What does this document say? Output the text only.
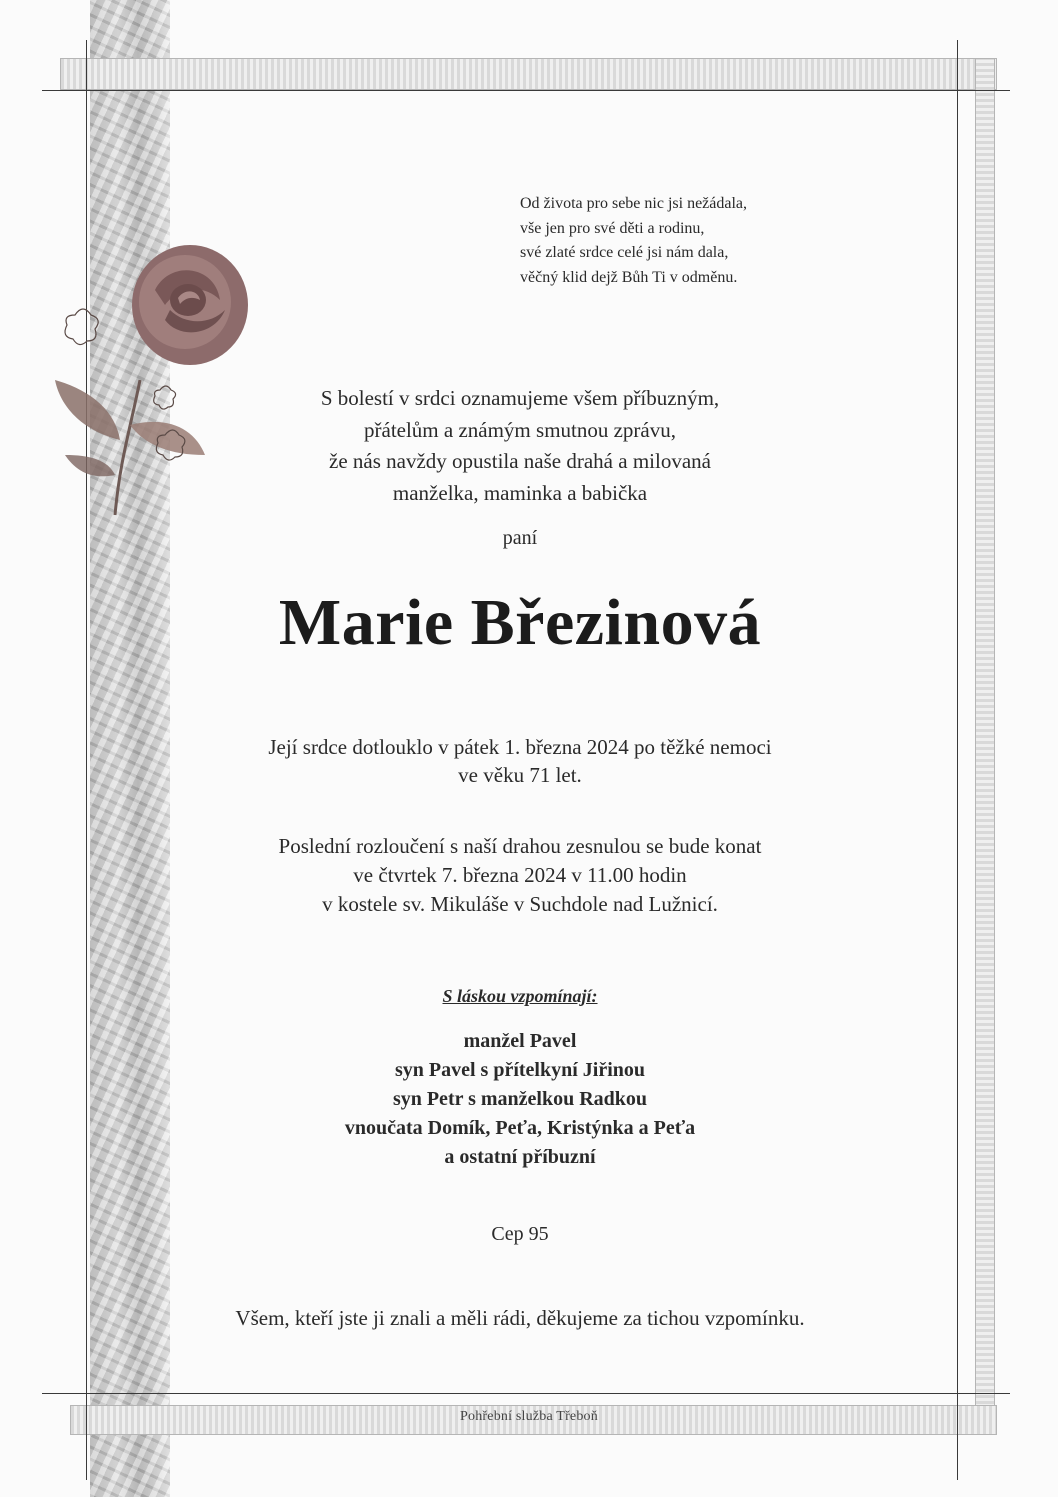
Pohřební služba Třeboň
Od života pro sebe nic jsi nežádala,
vše jen pro své děti a rodinu,
své zlaté srdce celé jsi nám dala,
věčný klid dejž Bůh Ti v odměnu.
S bolestí v srdci oznamujeme všem příbuzným,
přátelům a známým smutnou zprávu,
že nás navždy opustila naše drahá a milovaná
manželka, maminka a babička
paní
Marie Březinová
Její srdce dotlouklo v pátek 1. března 2024 po těžké nemoci
ve věku 71 let.
Poslední rozloučení s naší drahou zesnulou se bude konat
ve čtvrtek 7. března 2024 v 11.00 hodin
v kostele sv. Mikuláše v Suchdole nad Lužnicí.
S láskou vzpomínají:
manžel Pavel
syn Pavel s přítelkyní Jiřinou
syn Petr s manželkou Radkou
vnoučata Domík, Peťa, Kristýnka a Peťa
a ostatní příbuzní
Cep 95
Všem, kteří jste ji znali a měli rádi, děkujeme za tichou vzpomínku.
